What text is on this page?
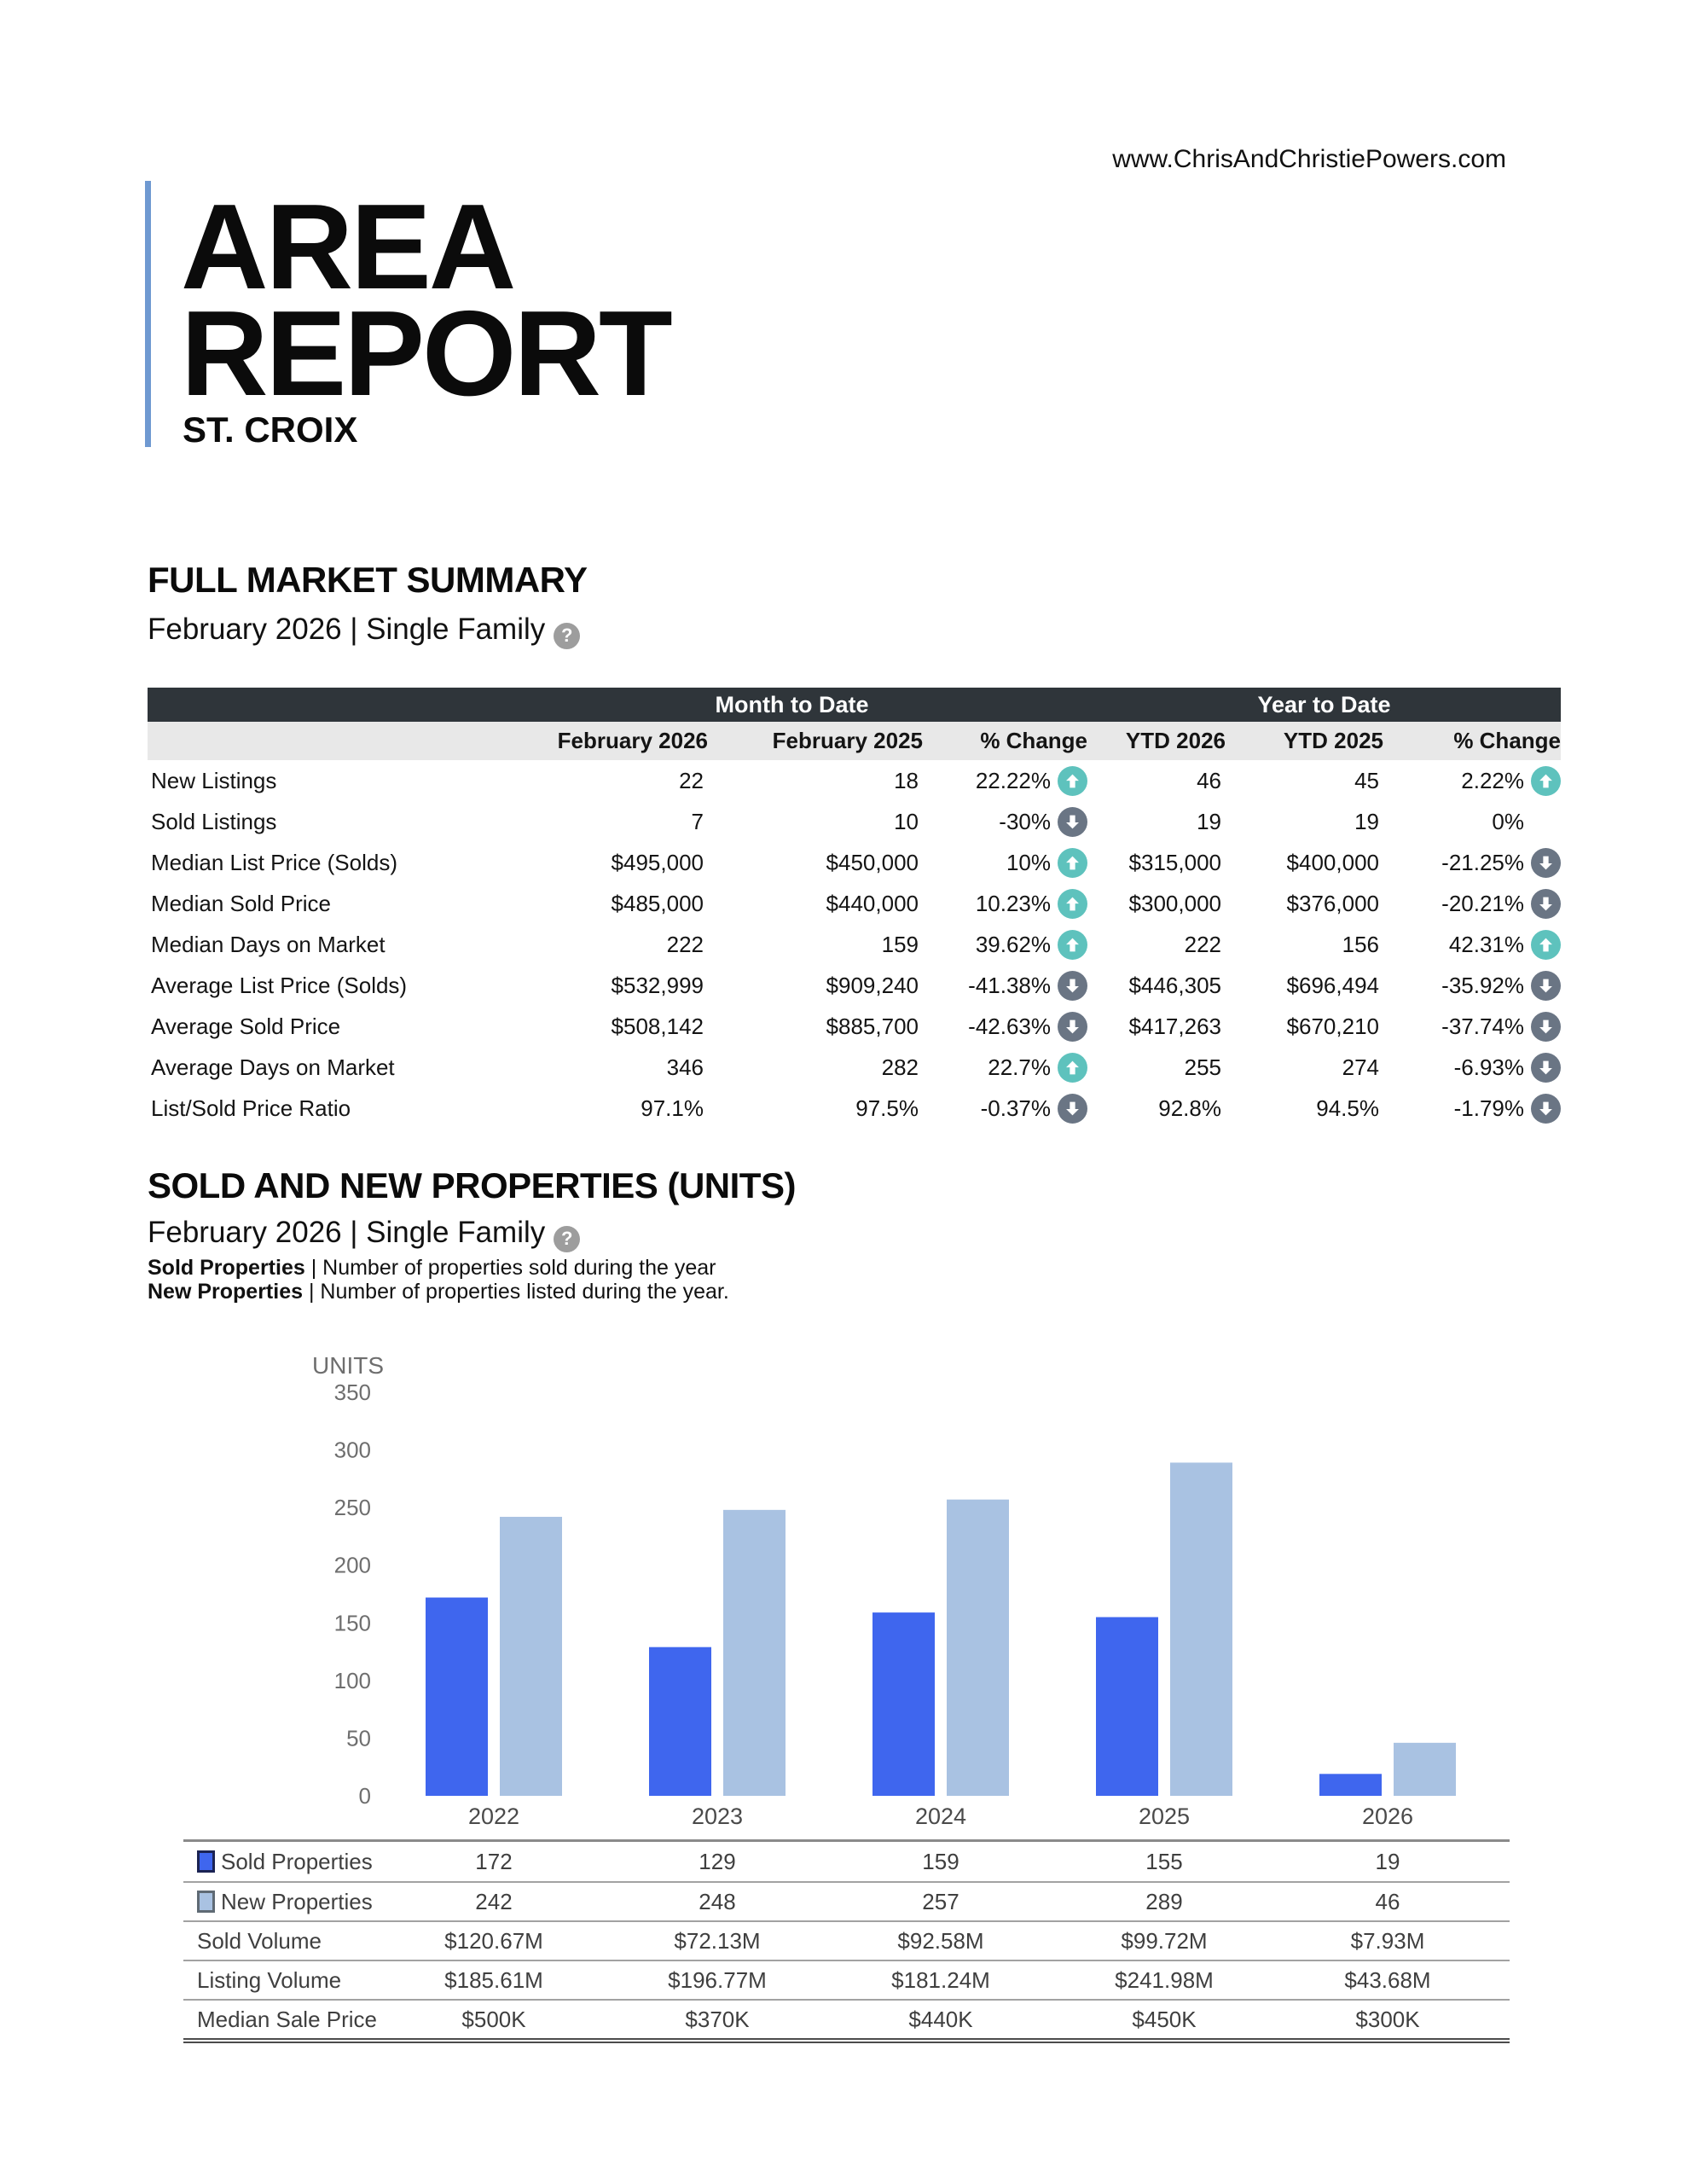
www.ChrisAndChristiePowers.com
AREA
REPORT
ST. CROIX
FULL MARKET SUMMARY
February 2026 | Single Family ?
Month to Date	Year to Date
February 2026	February 2025	% Change	YTD 2026	YTD 2025	% Change
New Listings	22	18	22.22%	46	45	2.22%
Sold Listings	7	10	-30%	19	19	0%
Median List Price (Solds)	$495,000	$450,000	10%	$315,000	$400,000	-21.25%
Median Sold Price	$485,000	$440,000	10.23%	$300,000	$376,000	-20.21%
Median Days on Market	222	159	39.62%	222	156	42.31%
Average List Price (Solds)	$532,999	$909,240 -41.38%	$446,305	$696,494	-35.92%
Average Sold Price	$508,142	$885,700 -42.63%	$417,263	$670,210	-37.74%
Average Days on Market	346	282	22.7%	255	274	-6.93%
List/Sold Price Ratio	97.1%	97.5%	-0.37%	92.8%	94.5%	-1.79%
SOLD AND NEW PROPERTIES (UNITS)
February 2026 | Single Family ?
Sold Properties | Number of properties sold during the year
New Properties | Number of properties listed during the year.
UNITS
350
300
250
200
150
100
50
0
2022	2023	2024	2025	2026
Sold Properties	172	129	159	155	19
New Properties	242	248	257	289	46
Sold Volume	$120.67M	$72.13M	$92.58M	$99.72M	$7.93M
Listing Volume	$185.61M	$196.77M	$181.24M	$241.98M	$43.68M
Median Sale Price	$500K	$370K	$440K	$450K	$300K
